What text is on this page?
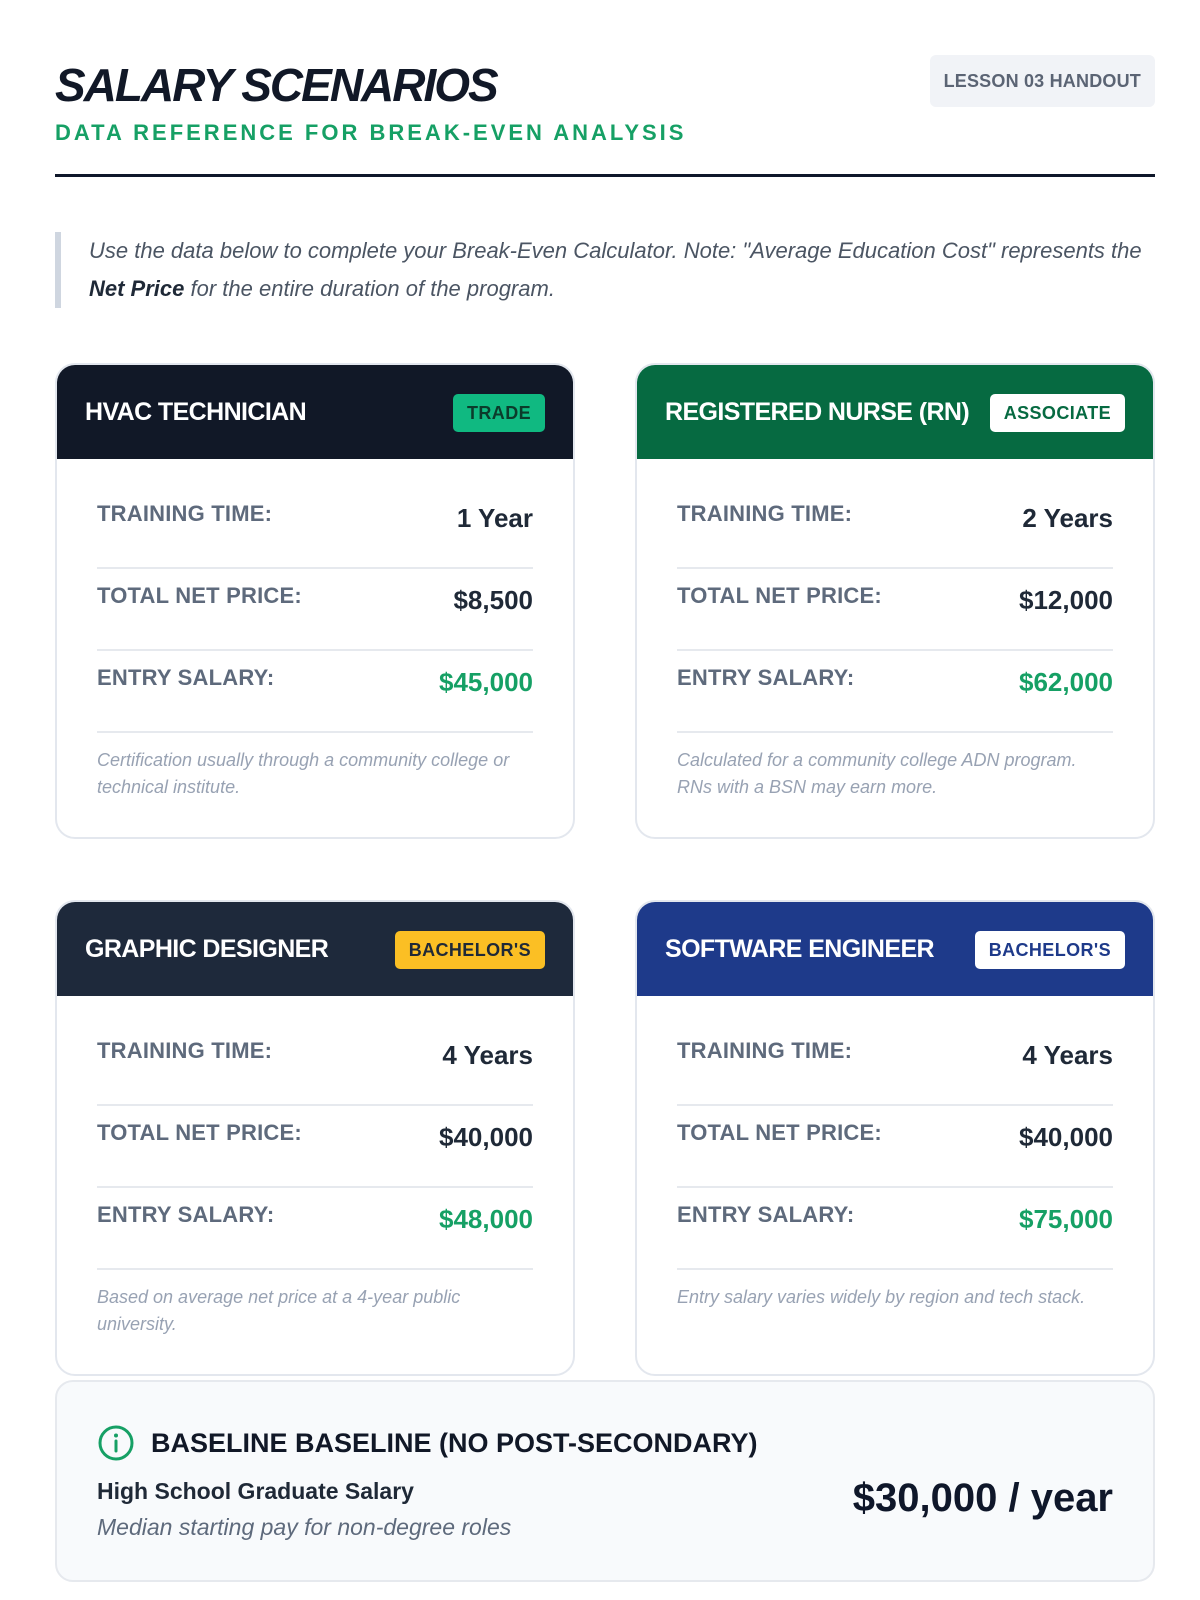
SALARY SCENARIOS
DATA REFERENCE FOR BREAK-EVEN ANALYSIS
LESSON 03 HANDOUT
Use the data below to complete your Break-Even Calculator. Note: "Average Education Cost" represents the Net Price for the entire duration of the program.
HVAC TECHNICIAN	TRADE
TRAINING TIME:	1 Year
TOTAL NET PRICE:	$8,500
ENTRY SALARY:	$45,000
Certification usually through a community college or technical institute.
REGISTERED NURSE (RN)	ASSOCIATE
TRAINING TIME:	2 Years
TOTAL NET PRICE:	$12,000
ENTRY SALARY:	$62,000
Calculated for a community college ADN program. RNs with a BSN may earn more.
GRAPHIC DESIGNER	BACHELOR'S
TRAINING TIME:	4 Years
TOTAL NET PRICE:	$40,000
ENTRY SALARY:	$48,000
Based on average net price at a 4-year public university.
SOFTWARE ENGINEER	BACHELOR'S
TRAINING TIME:	4 Years
TOTAL NET PRICE:	$40,000
ENTRY SALARY:	$75,000
Entry salary varies widely by region and tech stack.
BASELINE BASELINE (NO POST-SECONDARY)
High School Graduate Salary
Median starting pay for non-degree roles
$30,000 / year
